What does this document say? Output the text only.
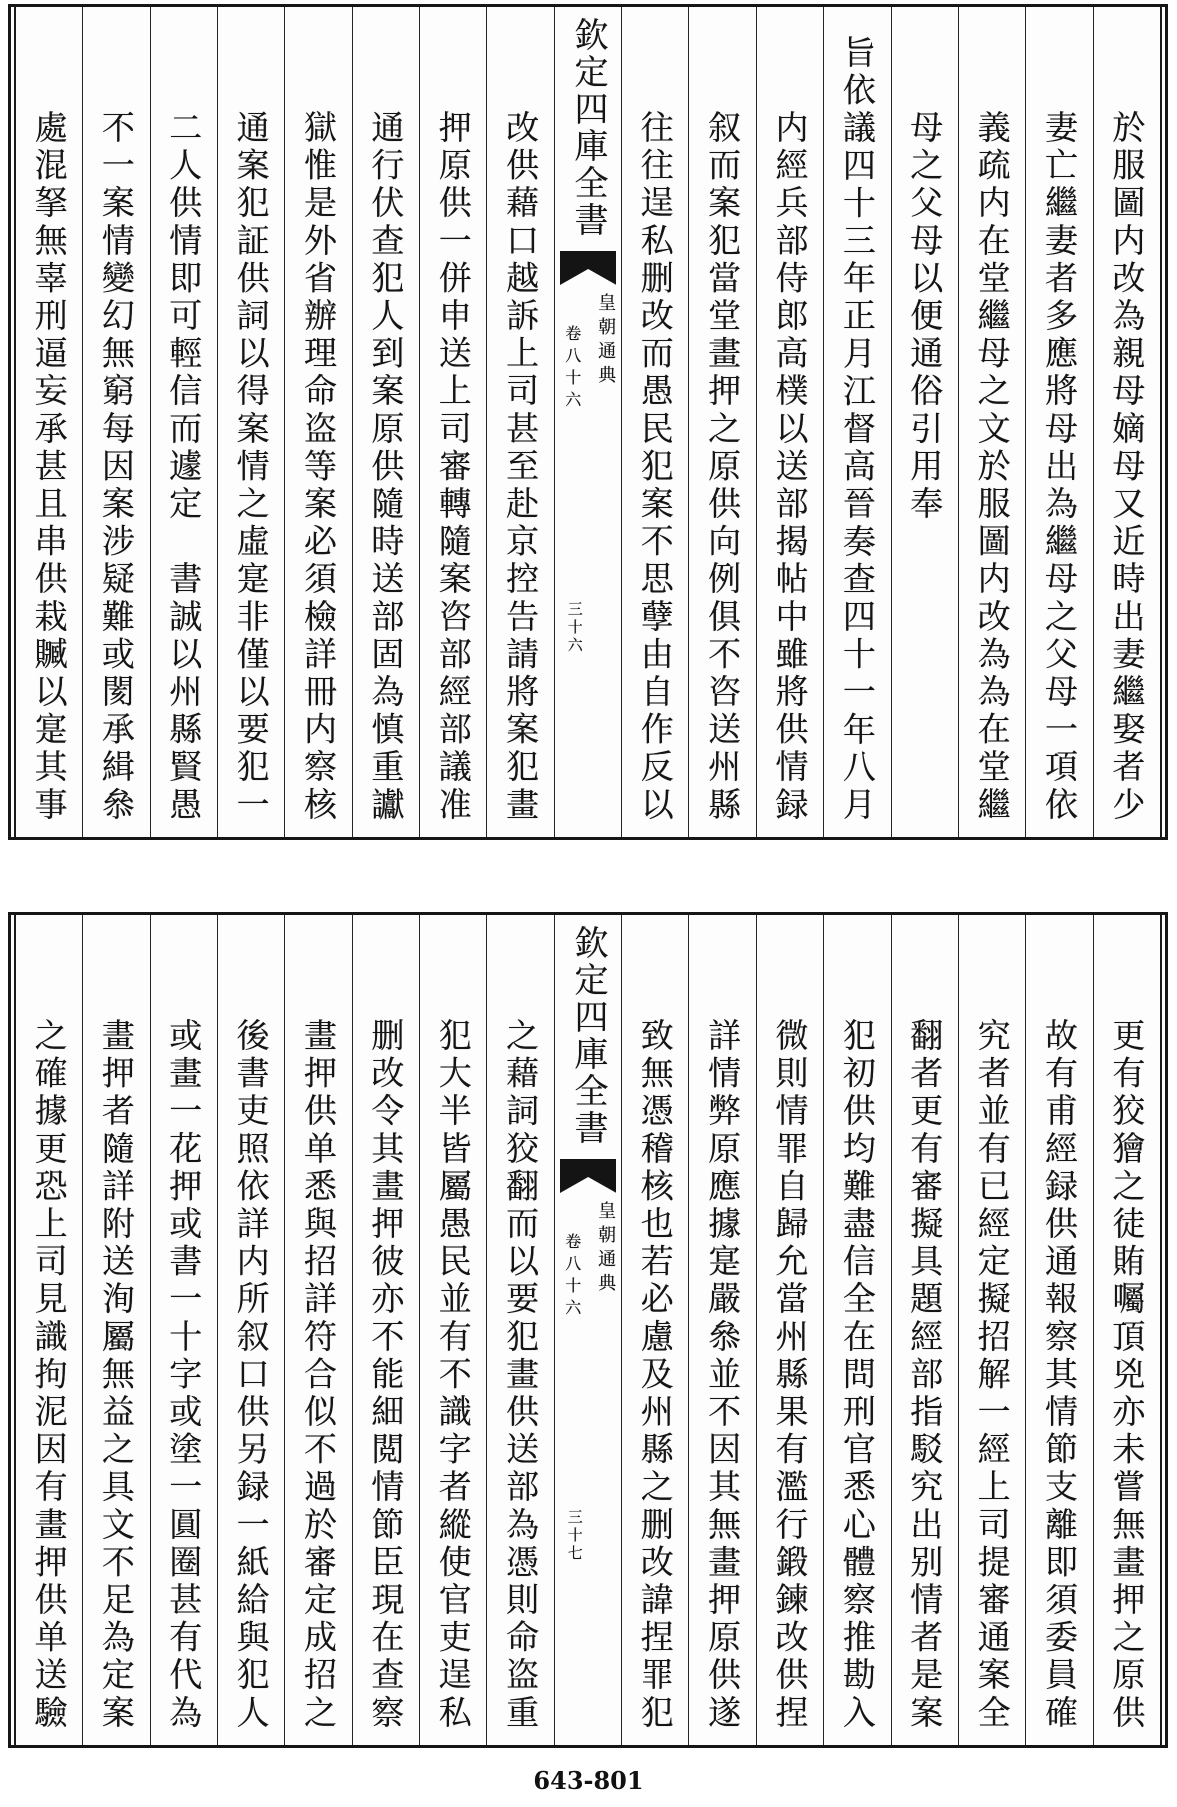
於服圖内改為親母嫡母又近時出妻繼娶者少
妻亡繼妻者多應將母出為繼母之父母一項依
義疏内在堂繼母之文於服圖内改為為在堂繼
母之父母以便通俗引用奉
旨依議四十三年正月江督高晉奏查四十一年八月
内經兵部侍郎高樸以送部揭帖中雖將供情録
叙而案犯當堂畫押之原供向例俱不咨送州縣
往往逞私删改而愚民犯案不思孽由自作反以
欽定四庫全書
皇朝通典
卷八十六
三十六
改供藉口越訴上司甚至赴京控告請將案犯畫
押原供一併申送上司審轉隨案咨部經部議准
通行伏查犯人到案原供隨時送部固為慎重讞
獄惟是外省辦理命盗等案必須檢詳冊内察核
通案犯証供詞以得案情之虛寔非僅以要犯一
二人供情即可輕信而遽定　書誠以州縣賢愚
不一案情變幻無窮每因案涉疑難或閡承緝叅
處混拏無辜刑逼妄承甚且串供栽贓以寔其事
更有狡獪之徒賄囑頂兇亦未嘗無畫押之原供
故有甫經録供通報察其情節支離即須委員確
究者並有已經定擬招解一經上司提審通案全
翻者更有審擬具題經部指駁究出别情者是案
犯初供均難盡信全在問刑官悉心體察推勘入
微則情罪自歸允當州縣果有濫行鍛鍊改供捏
詳情弊原應據寔嚴叅並不因其無畫押原供遂
致無憑稽核也若必慮及州縣之删改諱捏罪犯
欽定四庫全書
皇朝通典
卷八十六
三十七
之藉詞狡翻而以要犯畫供送部為憑則命盗重
犯大半皆屬愚民並有不識字者縱使官吏逞私
删改令其畫押彼亦不能細閲情節臣現在查察
畫押供单悉與招詳符合似不過於審定成招之
後書吏照依詳内所叙口供另録一紙給與犯人
或畫一花押或書一十字或塗一圓圈甚有代為
畫押者隨詳附送洵屬無益之具文不足為定案
之確據更恐上司見識拘泥因有畫押供单送驗
643-801
